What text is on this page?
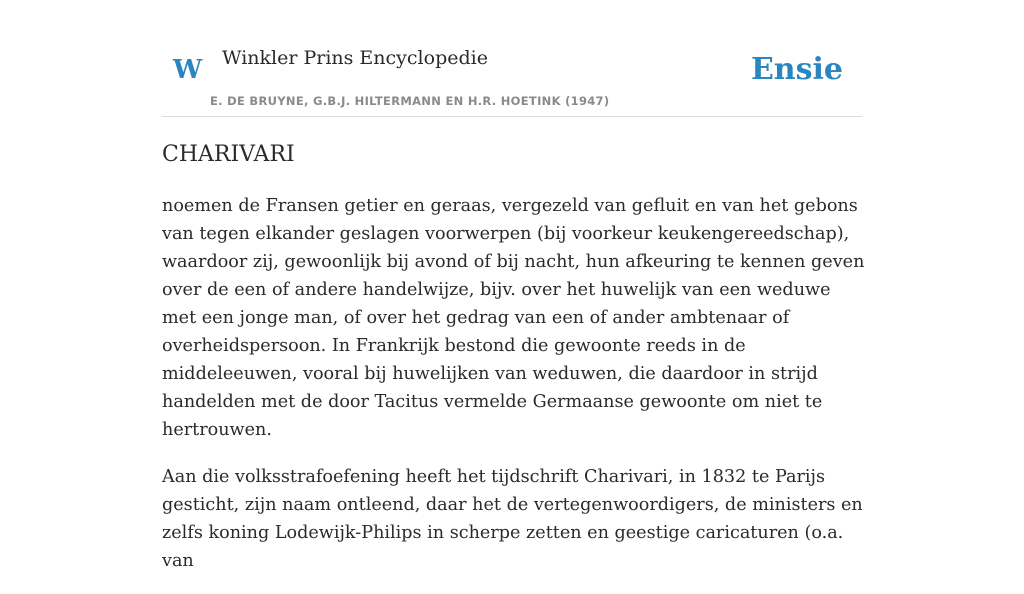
W Winkler Prins Encyclopedie
E. DE BRUYNE, G.B.J. HILTERMANN EN H.R. HOETINK (1947)
Ensie
CHARIVARI

noemen de Fransen getier en geraas, vergezeld van gefluit en van het gebons van tegen elkander geslagen voorwerpen (bij voorkeur keukengereedschap), waardoor zij, gewoonlijk bij avond of bij nacht, hun afkeuring te kennen geven over de een of andere handelwijze, bijv. over het huwelijk van een weduwe met een jonge man, of over het gedrag van een of ander ambtenaar of overheidspersoon. In Frankrijk bestond die gewoonte reeds in de middeleeuwen, vooral bij huwelijken van weduwen, die daardoor in strijd handelden met de door Tacitus vermelde Germaanse gewoonte om niet te hertrouwen.

Aan die volksstrafoefening heeft het tijdschrift Charivari, in 1832 te Parijs gesticht, zijn naam ontleend, daar het de vertegenwoordigers, de ministers en zelfs koning Lodewijk-Philips in scherpe zetten en geestige caricaturen (o.a. van
